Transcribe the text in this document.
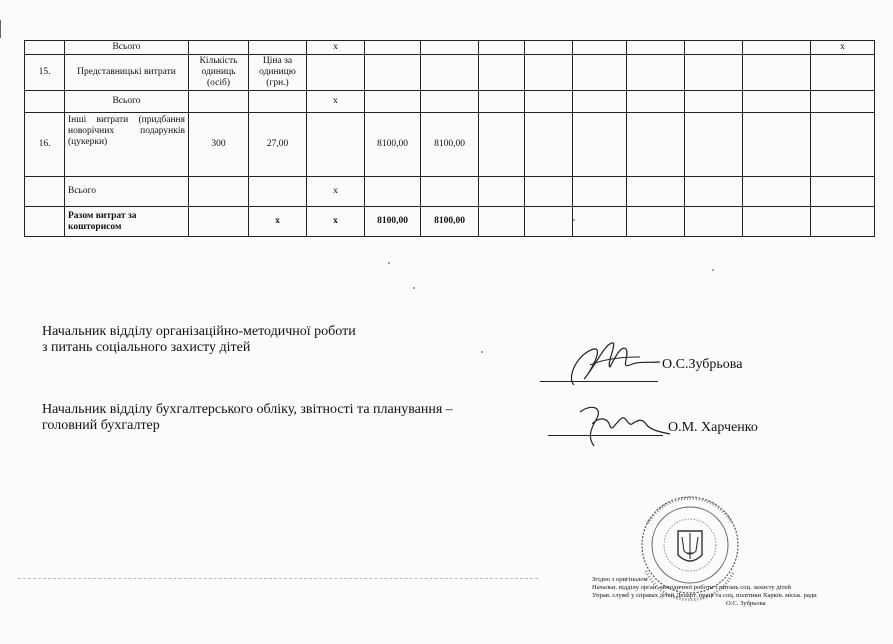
	Всього			x									x
15.	Представницькі витрати	Кількість одиниць (осіб)	Ціна за одиницю (грн.)										
	Всього			x									
16.	Інші витрати (придбання новорічних подарунків (цукерки)	300	27,00		8100,00	8100,00							
	Всього			x									
	Разом витрат за кошторисом		x	x	8100,00	8100,00							
Начальник відділу організаційно-методичної роботи
з питань соціального захисту дітей
О.С.Зубрьова
Начальник відділу бухгалтерського обліку, звітності та планування –
головний бухгалтер	О.М. Харченко
Згідно з оригіналом
Начальн. відділу орган.-методичної роботи з питань соц. захисту дітей
Управ. служб у справах дітей Департ. праці та соц. політики Харків. міськ. ради
О.С. Зубрьова
